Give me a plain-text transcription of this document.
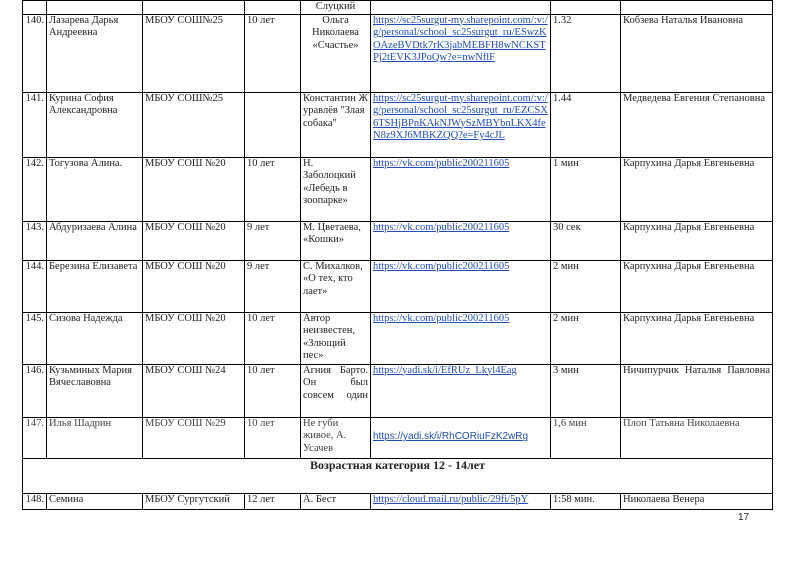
				Слуцкий			
140.	Лазарева Дарья Андреевна	МБОУ СОШ№25	10 лет	Ольга Николаева «Счастье»	https://sc25surgut-my.sharepoint.com/:v:/g/personal/school_sc25surgut_ru/ESwzKOAzeBVDtk7rK3jabMEBFH8wNCKSTPj2tEVK3JPoQw?e=nwNflF	1.32	Кобзева Наталья Ивановна
141.	Курина София Александровна	МБОУ СОШ№25		Константин Журавлёв "Злая собака"	https://sc25surgut-my.sharepoint.com/:v:/g/personal/school_sc25surgut_ru/EZCSX6TSHjBPnKAkNJWySzMBYbnLKX4feN8z9XJ6MBKZQQ?e=Fy4cJL	1.44	Медведева Евгения Степановна
142.	Тогузова Алина.	МБОУ СОШ №20	10 лет	Н. Заболоцкий «Лебедь в зоопарке»	https://vk.com/public200211605	1 мин	Карпухина Дарья Евгеньевна
143.	Абдуризаева Алина	МБОУ СОШ №20	9 лет	М. Цветаева, «Кошки»	https://vk.com/public200211605	30 сек	Карпухина Дарья Евгеньевна
144.	Березина Елизавета	МБОУ СОШ №20	9 лет	С. Михалков, «О тех, кто лает»	https://vk.com/public200211605	2 мин	Карпухина Дарья Евгеньевна
145.	Сизова Надежда	МБОУ СОШ №20	10 лет	Автор неизвестен, «Злющий пес»	https://vk.com/public200211605	2 мин	Карпухина Дарья Евгеньевна
146.	Кузьминых Мария Вячеславовна	МБОУ СОШ №24	10 лет	Агния Барто. Он был совсем один	https://yadi.sk/i/EfRUz_Lkyl4Eag	3 мин	Ничипурчик Наталья Павловна
147.	Илья Шадрин	МБОУ СОШ №29	10 лет	Не губи живое, А. Усачев	https://yadi.sk/i/RhCORiuFzK2wRg	1,6 мин	Плоп Татьяна Николаевна
Возрастная категория 12 - 14лет							
148.	Семина	МБОУ Сургутский	12 лет	А. Бест	https://cloud.mail.ru/public/29fi/5pY	1:58 мин.	Николаева Венера
17
